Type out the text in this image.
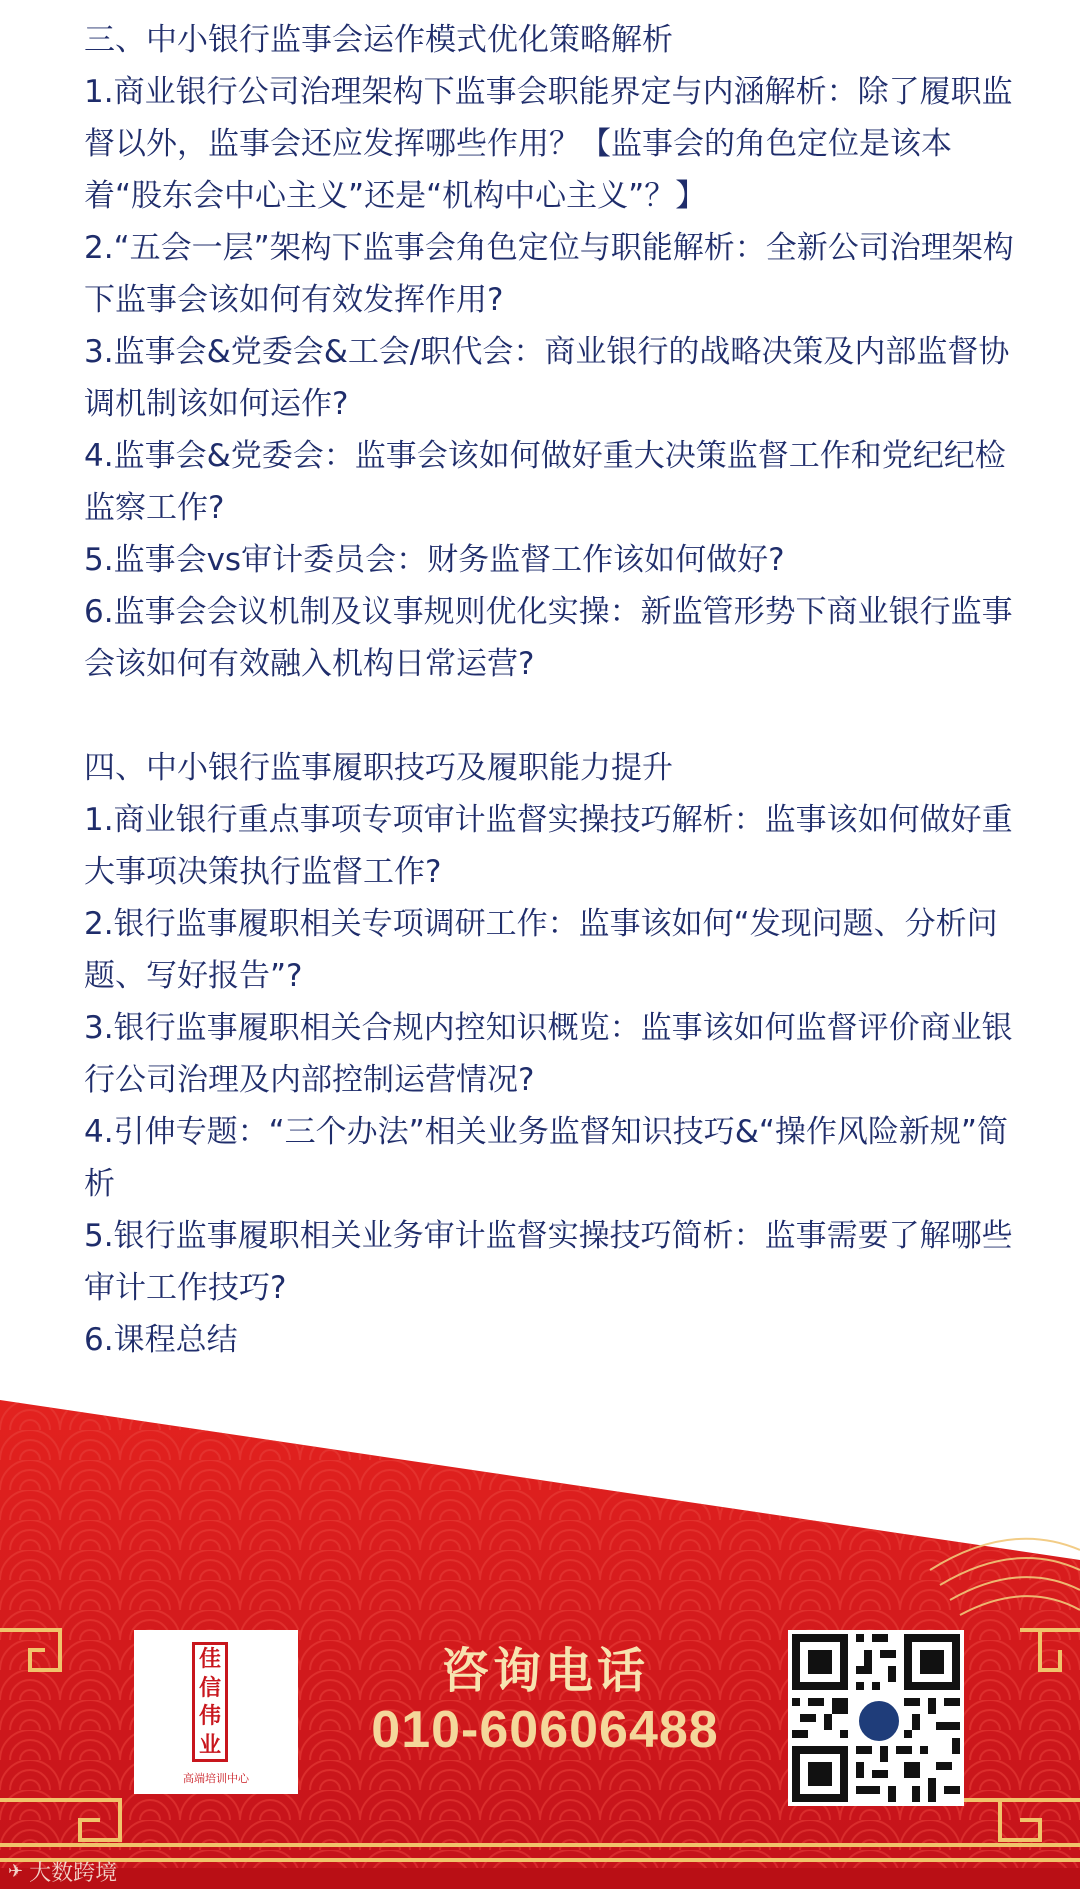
三、中小银行监事会运作模式优化策略解析
1.商业银行公司治理架构下监事会职能界定与内涵解析：除了履职监督以外，监事会还应发挥哪些作用？【监事会的角色定位是该本着“股东会中心主义”还是“机构中心主义”？】
2.“五会一层”架构下监事会角色定位与职能解析：全新公司治理架构下监事会该如何有效发挥作用?
3.监事会&党委会&工会/职代会：商业银行的战略决策及内部监督协调机制该如何运作?
4.监事会&党委会：监事会该如何做好重大决策监督工作和党纪纪检监察工作?
5.监事会vs审计委员会：财务监督工作该如何做好?
6.监事会会议机制及议事规则优化实操：新监管形势下商业银行监事会该如何有效融入机构日常运营?
四、中小银行监事履职技巧及履职能力提升
1.商业银行重点事项专项审计监督实操技巧解析：监事该如何做好重大事项决策执行监督工作?
2.银行监事履职相关专项调研工作：监事该如何“发现问题、分析问题、写好报告”?
3.银行监事履职相关合规内控知识概览：监事该如何监督评价商业银行公司治理及内部控制运营情况?
4.引伸专题：“三个办法”相关业务监督知识技巧&“操作风险新规”简析
5.银行监事履职相关业务审计监督实操技巧简析：监事需要了解哪些审计工作技巧?
6.课程总结
佳
信
伟
业
高端培训中心
咨询电话
010-60606488
✈ 大数跨境
